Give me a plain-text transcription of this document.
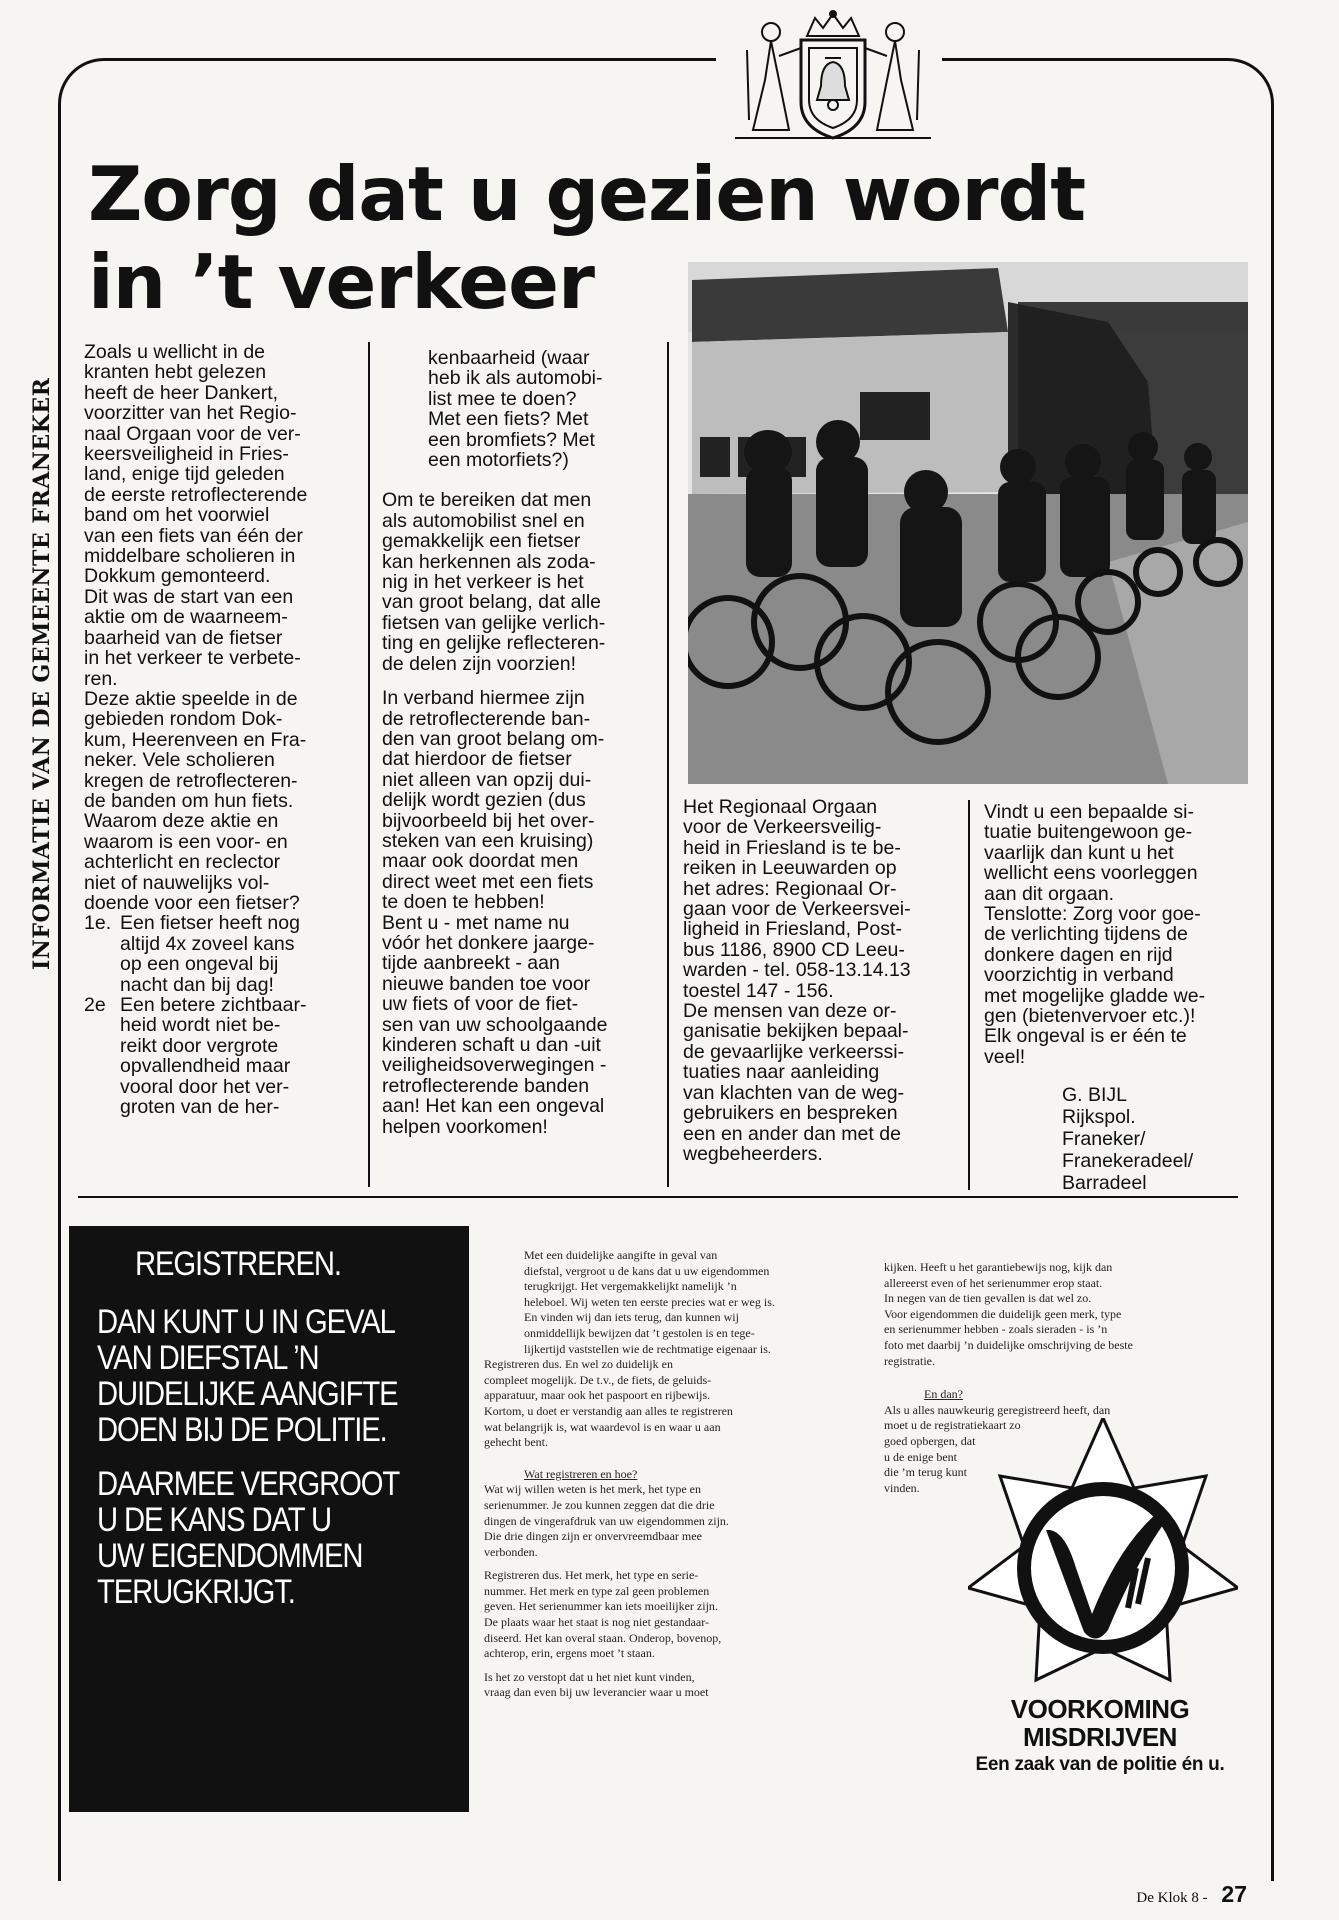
Zorg dat u gezien wordt
in ’t verkeer
INFORMATIE VAN DE GEMEENTE FRANEKER

Zoals u wellicht in de
kranten hebt gelezen
heeft de heer Dankert,
voorzitter van het Regio-
naal Orgaan voor de ver-
keersveiligheid in Fries-
land, enige tijd geleden
de eerste retroflecterende
band om het voorwiel
van een fiets van één der
middelbare scholieren in
Dokkum gemonteerd.
Dit was de start van een
aktie om de waarneem-
baarheid van de fietser
in het verkeer te verbete-
ren.

Deze aktie speelde in de
gebieden rondom Dok-
kum, Heerenveen en Fra-
neker. Vele scholieren
kregen de retroflecteren-
de banden om hun fiets.
Waarom deze aktie en
waarom is een voor- en
achterlicht en reclector
niet of nauwelijks vol-
doende voor een fietser?

1e. Een fietser heeft nog
altijd 4x zoveel kans
op een ongeval bij
nacht dan bij dag!
2e Een betere zichtbaar-
heid wordt niet be-
reikt door vergrote
opvallendheid maar
vooral door het ver-
groten van de her-

kenbaarheid (waar
heb ik als automobi-
list mee te doen?
Met een fiets? Met
een bromfiets? Met
een motorfiets?)

Om te bereiken dat men
als automobilist snel en
gemakkelijk een fietser
kan herkennen als zoda-
nig in het verkeer is het
van groot belang, dat alle
fietsen van gelijke verlich-
ting en gelijke reflecteren-
de delen zijn voorzien!

In verband hiermee zijn
de retroflecterende ban-
den van groot belang om-
dat hierdoor de fietser
niet alleen van opzij dui-
delijk wordt gezien (dus
bijvoorbeeld bij het over-
steken van een kruising)
maar ook doordat men
direct weet met een fiets
te doen te hebben!

Bent u - met name nu
vóór het donkere jaarge-
tijde aanbreekt - aan
nieuwe banden toe voor
uw fiets of voor de fiet-
sen van uw schoolgaande
kinderen schaft u dan -uit
veiligheidsoverwegingen -
retroflecterende banden
aan! Het kan een ongeval
helpen voorkomen!

Het Regionaal Orgaan
voor de Verkeersveilig-
heid in Friesland is te be-
reiken in Leeuwarden op
het adres: Regionaal Or-
gaan voor de Verkeersvei-
ligheid in Friesland, Post-
bus 1186, 8900 CD Leeu-
warden - tel. 058-13.14.13
toestel 147 - 156.

De mensen van deze or-
ganisatie bekijken bepaal-
de gevaarlijke verkeerssi-
tuaties naar aanleiding
van klachten van de weg-
gebruikers en bespreken
een en ander dan met de
wegbeheerders.

Vindt u een bepaalde si-
tuatie buitengewoon ge-
vaarlijk dan kunt u het
wellicht eens voorleggen
aan dit orgaan.

Tenslotte: Zorg voor goe-
de verlichting tijdens de
donkere dagen en rijd
voorzichtig in verband
met mogelijke gladde we-
gen (bietenvervoer etc.)!
Elk ongeval is er één te
veel!

G. BIJL
Rijkspol.
Franeker/
Franekeradeel/
Barradeel

REGISTREREN.

DAN KUNT U IN GEVAL
VAN DIEFSTAL ’N
DUIDELIJKE AANGIFTE
DOEN BIJ DE POLITIE.

DAARMEE VERGROOT
U DE KANS DAT U
UW EIGENDOMMEN
TERUGKRIJGT.

Met een duidelijke aangifte in geval van
diefstal, vergroot u de kans dat u uw eigendommen
terugkrijgt. Het vergemakkelijkt namelijk ’n
heleboel. Wij weten ten eerste precies wat er weg is.
En vinden wij dan iets terug, dan kunnen wij
onmiddellijk bewijzen dat ’t gestolen is en tege-
lijkertijd vaststellen wie de rechtmatige eigenaar is.

Registreren dus. En wel zo duidelijk en
compleet mogelijk. De t.v., de fiets, de geluids-
apparatuur, maar ook het paspoort en rijbewijs.
Kortom, u doet er verstandig aan alles te registreren
wat belangrijk is, wat waardevol is en waar u aan
gehecht bent.

Wat registreren en hoe?

Wat wij willen weten is het merk, het type en
serienummer. Je zou kunnen zeggen dat die drie
dingen de vingerafdruk van uw eigendommen zijn.
Die drie dingen zijn er onvervreemdbaar mee
verbonden.

Registreren dus. Het merk, het type en serie-
nummer. Het merk en type zal geen problemen
geven. Het serienummer kan iets moeilijker zijn.
De plaats waar het staat is nog niet gestandaar-
diseerd. Het kan overal staan. Onderop, bovenop,
achterop, erin, ergens moet ’t staan.

Is het zo verstopt dat u het niet kunt vinden,
vraag dan even bij uw leverancier waar u moet

kijken. Heeft u het garantiebewijs nog, kijk dan
allereerst even of het serienummer erop staat.
In negen van de tien gevallen is dat wel zo.
Voor eigendommen die duidelijk geen merk, type
en serienummer hebben - zoals sieraden - is ’n
foto met daarbij ’n duidelijke omschrijving de beste
registratie.

En dan?

Als u alles nauwkeurig geregistreerd heeft, dan
moet u de registratiekaart zo
goed opbergen, dat
u de enige bent
die ’m terug kunt
vinden.

VOORKOMING
MISDRIJVEN

Een zaak van de politie én u.

De Klok 8 - 27
